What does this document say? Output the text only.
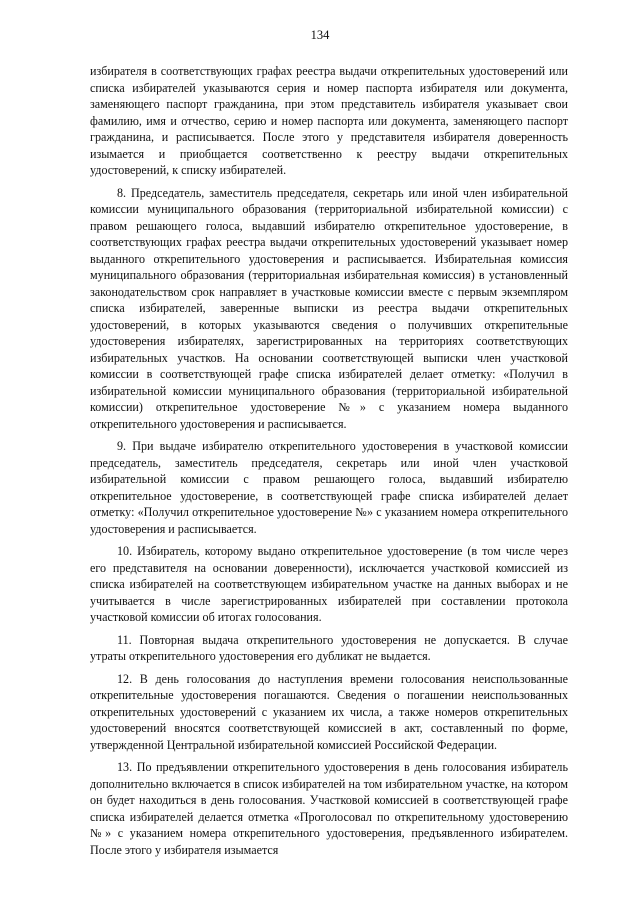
134

избирателя в соответствующих графах реестра выдачи открепительных удостоверений или списка избирателей указываются серия и номер паспорта избирателя или документа, заменяющего паспорт гражданина, при этом представитель избирателя указывает свои фамилию, имя и отчество, серию и номер паспорта или документа, заменяющего паспорт гражданина, и расписывается. После этого у представителя избирателя доверенность изымается и приобщается соответственно к реестру выдачи открепительных удостоверений, к списку избирателей.

8. Председатель, заместитель председателя, секретарь или иной член избирательной комиссии муниципального образования (территориальной избирательной комиссии) с правом решающего голоса, выдавший избирателю открепительное удостоверение, в соответствующих графах реестра выдачи открепительных удостоверений указывает номер выданного открепительного удостоверения и расписывается. Избирательная комиссия муниципального образования (территориальная избирательная комиссия) в установленный законодательством срок направляет в участковые комиссии вместе с первым экземпляром списка избирателей, заверенные выписки из реестра выдачи открепительных удостоверений, в которых указываются сведения о получивших открепительные удостоверения избирателях, зарегистрированных на территориях соответствующих избирательных участков. На основании соответствующей выписки член участковой комиссии в соответствующей графе списка избирателей делает отметку: «Получил в избирательной комиссии муниципального образования (территориальной избирательной комиссии) открепительное удостоверение №» с указанием номера выданного открепительного удостоверения и расписывается.

9. При выдаче избирателю открепительного удостоверения в участковой комиссии председатель, заместитель председателя, секретарь или иной член участковой избирательной комиссии с правом решающего голоса, выдавший избирателю открепительное удостоверение, в соответствующей графе списка избирателей делает отметку: «Получил открепительное удостоверение №» с указанием номера открепительного удостоверения и расписывается.

10. Избиратель, которому выдано открепительное удостоверение (в том числе через его представителя на основании доверенности), исключается участковой комиссией из списка избирателей на соответствующем избирательном участке на данных выборах и не учитывается в числе зарегистрированных избирателей при составлении протокола участковой комиссии об итогах голосования.

11. Повторная выдача открепительного удостоверения не допускается. В случае утраты открепительного удостоверения его дубликат не выдается.

12. В день голосования до наступления времени голосования неиспользованные открепительные удостоверения погашаются. Сведения о погашении неиспользованных открепительных удостоверений с указанием их числа, а также номеров открепительных удостоверений вносятся соответствующей комиссией в акт, составленный по форме, утвержденной Центральной избирательной комиссией Российской Федерации.

13. По предъявлении открепительного удостоверения в день голосования избиратель дополнительно включается в список избирателей на том избирательном участке, на котором он будет находиться в день голосования. Участковой комиссией в соответствующей графе списка избирателей делается отметка «Проголосовал по открепительному удостоверению №» с указанием номера открепительного удостоверения, предъявленного избирателем. После этого у избирателя изымается
